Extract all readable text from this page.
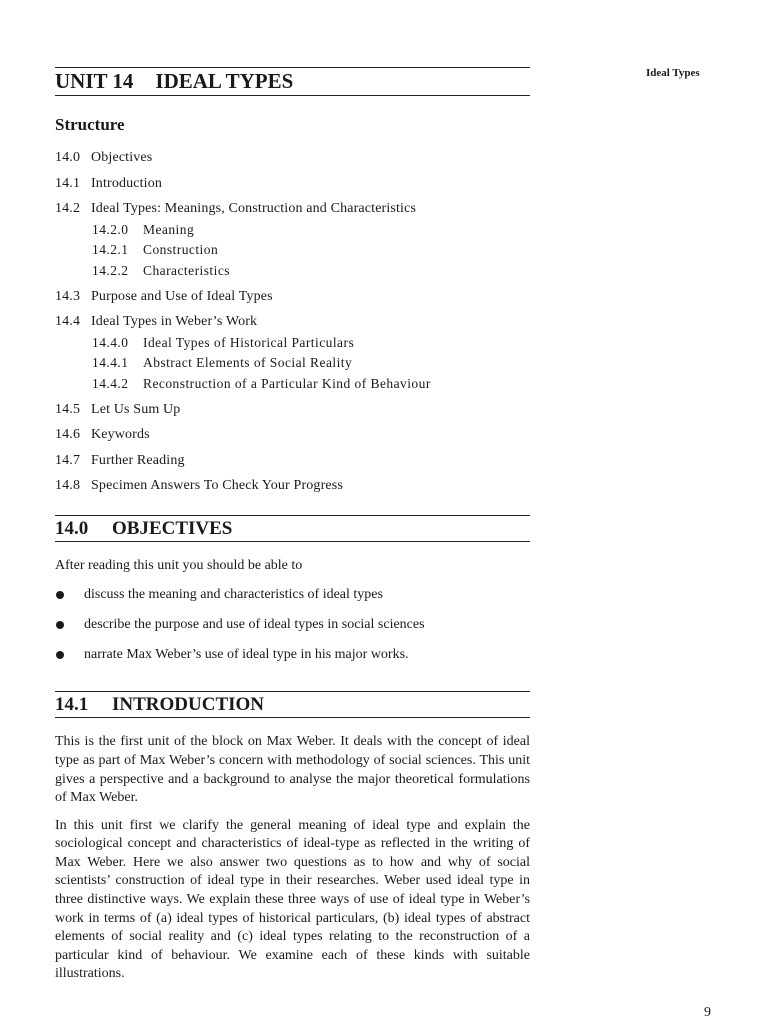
Ideal Types
UNIT 14 IDEAL TYPES
Structure
14.0 Objectives
14.1 Introduction
14.2 Ideal Types: Meanings, Construction and Characteristics
14.2.0 Meaning
14.2.1 Construction
14.2.2 Characteristics
14.3 Purpose and Use of Ideal Types
14.4 Ideal Types in Weber’s Work
14.4.0 Ideal Types of Historical Particulars
14.4.1 Abstract Elements of Social Reality
14.4.2 Reconstruction of a Particular Kind of Behaviour
14.5 Let Us Sum Up
14.6 Keywords
14.7 Further Reading
14.8 Specimen Answers To Check Your Progress
14.0 OBJECTIVES
After reading this unit you should be able to
discuss the meaning and characteristics of ideal types
describe the purpose and use of ideal types in social sciences
narrate Max Weber’s use of ideal type in his major works.
14.1 INTRODUCTION
This is the first unit of the block on Max Weber. It deals with the concept of ideal type as part of Max Weber’s concern with methodology of social sciences. This unit gives a perspective and a background to analyse the major theoretical formulations of Max Weber.
In this unit first we clarify the general meaning of ideal type and explain the sociological concept and characteristics of ideal-type as reflected in the writing of Max Weber. Here we also answer two questions as to how and why of social scientists’ construction of ideal type in their researches. Weber used ideal type in three distinctive ways. We explain these three ways of use of ideal type in Weber’s work in terms of (a) ideal types of historical particulars, (b) ideal types of abstract elements of social reality and (c) ideal types relating to the reconstruction of a particular kind of behaviour. We examine each of these kinds with suitable illustrations.
9
